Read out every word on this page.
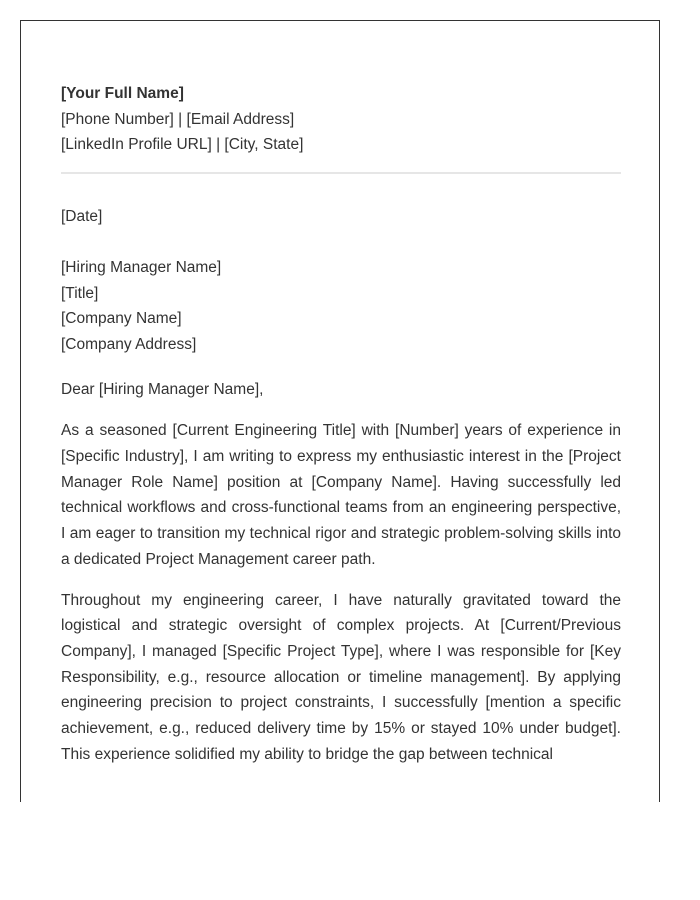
[Your Full Name]

[Phone Number] | [Email Address]

[LinkedIn Profile URL] | [City, State]

[Date]

[Hiring Manager Name]

[Title]

[Company Name]

[Company Address]

Dear [Hiring Manager Name],

As a seasoned [Current Engineering Title] with [Number] years of experience in [Specific Industry], I am writing to express my enthusiastic interest in the [Project Manager Role Name] position at [Company Name]. Having successfully led technical workflows and cross-functional teams from an engineering perspective, I am eager to transition my technical rigor and strategic problem-solving skills into a dedicated Project Management career path.

Throughout my engineering career, I have naturally gravitated toward the logistical and strategic oversight of complex projects. At [Current/Previous Company], I managed [Specific Project Type], where I was responsible for [Key Responsibility, e.g., resource allocation or timeline management]. By applying engineering precision to project constraints, I successfully [mention a specific achievement, e.g., reduced delivery time by 15% or stayed 10% under budget]. This experience solidified my ability to bridge the gap between technical
